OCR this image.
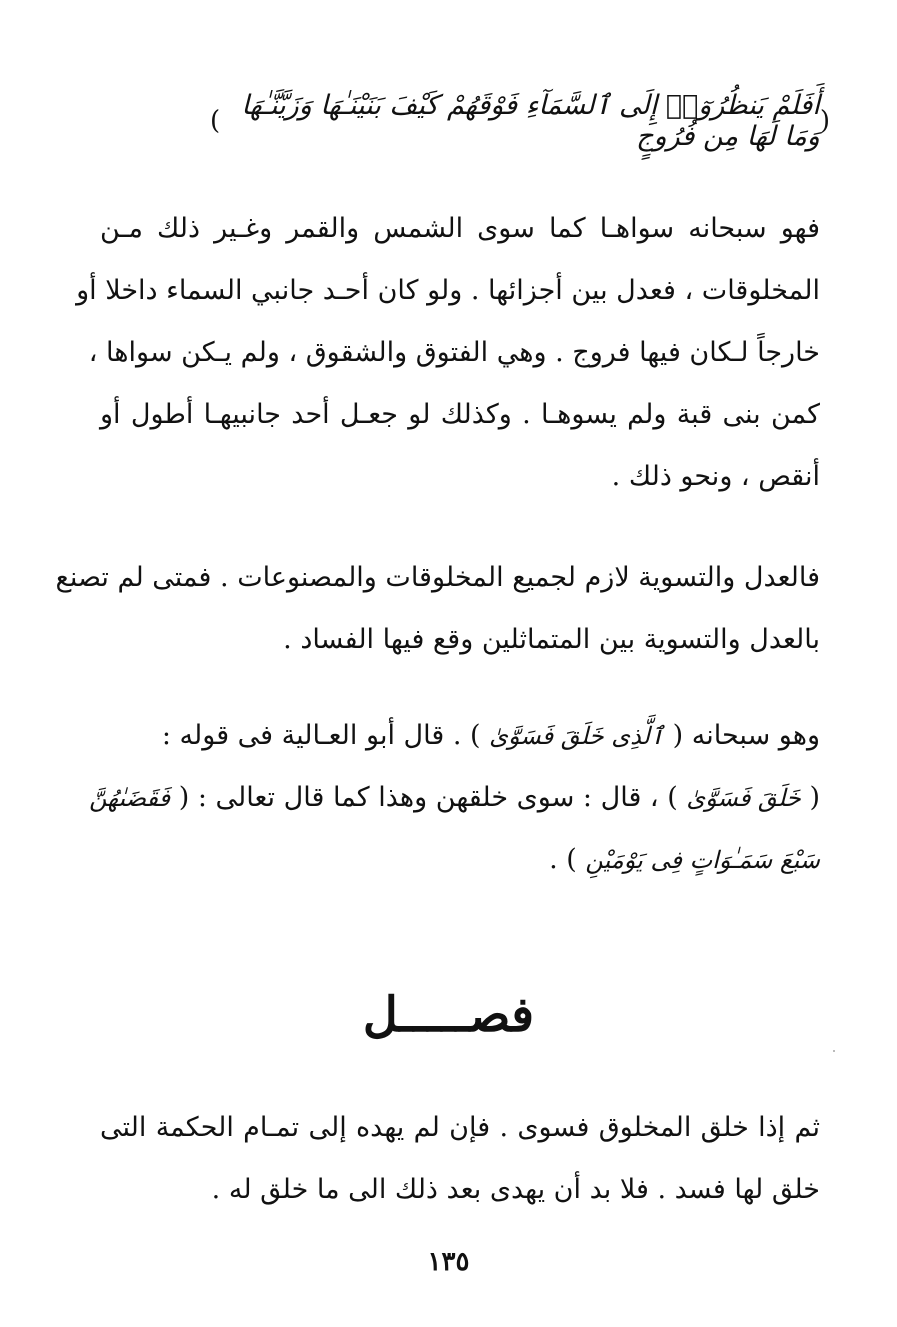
(
أَفَلَمْ يَنظُرُوٓا۟ إِلَى ٱلسَّمَآءِ فَوْقَهُمْ كَيْفَ بَنَيْنَـٰهَا وَزَيَّنَّـٰهَا وَمَا لَهَا مِن فُرُوجٍ
)
فهو سبحانه سواهـا كما سوى الشمس والقمر وغـير ذلك مـن
المخلوقات ، فعدل بين أجزائها . ولو كان أحـد جانبي السماء داخلا أو
خارجاً لـكان فيها فروج . وهي الفتوق والشقوق ، ولم يـكن سواها ،
كمن بنى قبة ولم يسوهـا . وكذلك لو جعـل أحد جانبيهـا أطول أو
أنقص ، ونحو ذلك .
فالعدل والتسوية لازم لجميع المخلوقات والمصنوعات . فمتى لم تصنع
بالعدل والتسوية بين المتماثلين وقع فيها الفساد .
وهو سبحانه ( ٱلَّذِى خَلَقَ فَسَوَّىٰ ) . قال أبو العـالية فى قوله :
( خَلَقَ فَسَوَّىٰ ) ، قال : سوى خلقهن وهذا كما قال تعالى : ( فَقَضَىٰهُنَّ
سَبْعَ سَمَـٰوَاتٍ فِى يَوْمَيْنِ ) .
فصـــــل
ثم إذا خلق المخلوق فسوى . فإن لم يهده إلى تمـام الحكمة التى
خلق لها فسد . فلا بد أن يهدى بعد ذلك الى ما خلق له .
١٣٥
